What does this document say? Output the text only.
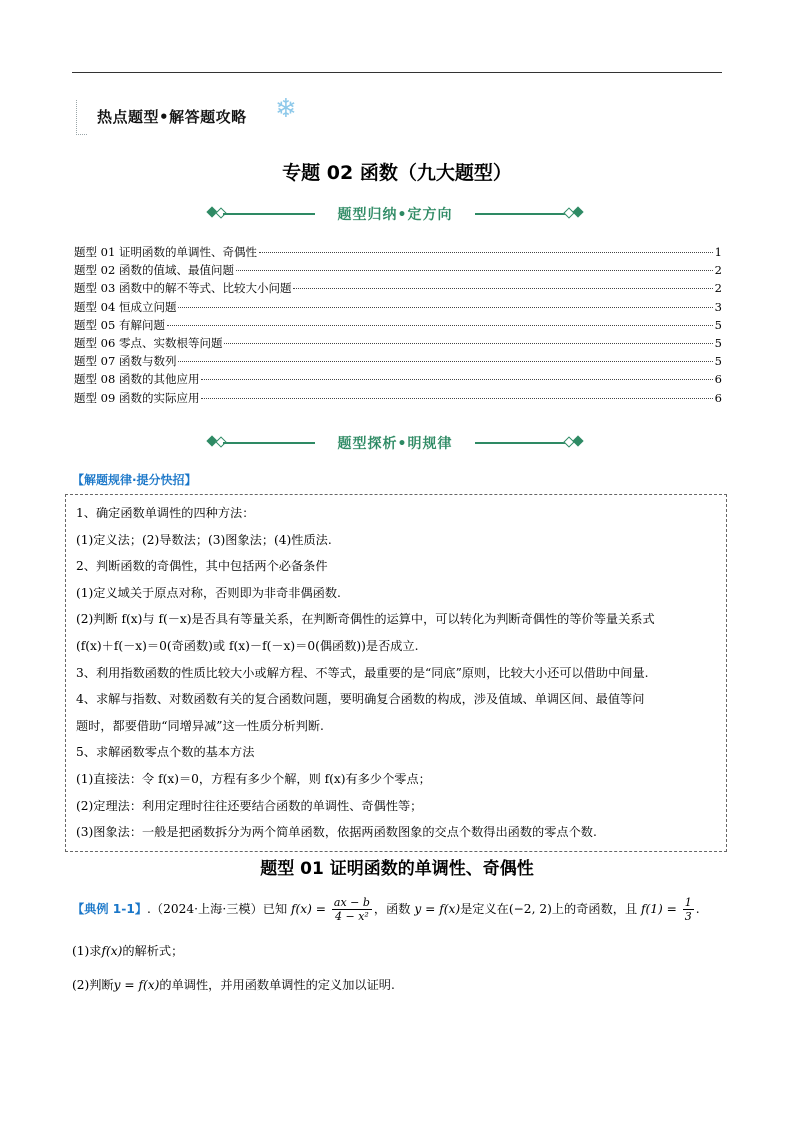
热点题型•解答题攻略 ❄
专题 02 函数（九大题型）
题型归纳•定方向
题型 01 证明函数的单调性、奇偶性	1
题型 02 函数的值域、最值问题	2
题型 03 函数中的解不等式、比较大小问题	2
题型 04 恒成立问题	3
题型 05 有解问题	5
题型 06 零点、实数根等问题	5
题型 07 函数与数列	5
题型 08 函数的其他应用	6
题型 09 函数的实际应用	6
题型探析•明规律
【解题规律·提分快招】
1、确定函数单调性的四种方法：
(1)定义法；(2)导数法；(3)图象法；(4)性质法.
2、判断函数的奇偶性，其中包括两个必备条件
(1)定义域关于原点对称，否则即为非奇非偶函数.
(2)判断 f(x)与 f(－x)是否具有等量关系，在判断奇偶性的运算中，可以转化为判断奇偶性的等价等量关系式
(f(x)＋f(－x)＝0(奇函数)或 f(x)－f(－x)＝0(偶函数))是否成立.
3、利用指数函数的性质比较大小或解方程、不等式，最重要的是“同底”原则，比较大小还可以借助中间量.
4、求解与指数、对数函数有关的复合函数问题，要明确复合函数的构成，涉及值域、单调区间、最值等问
题时，都要借助“同增异减”这一性质分析判断.
5、求解函数零点个数的基本方法
(1)直接法：令 f(x)＝0，方程有多少个解，则 f(x)有多少个零点；
(2)定理法：利用定理时往往还要结合函数的单调性、奇偶性等；
(3)图象法：一般是把函数拆分为两个简单函数，依据两函数图象的交点个数得出函数的零点个数.
题型 01 证明函数的单调性、奇偶性
【典例 1-1】.（2024·上海·三模）已知 $f(x) = \frac{ax - b}{\text{4 − x²}}$ ，函数 y = f(x)是定义在(−2, 2)上的奇函数，且 $f(1) = \frac{1}{3}$ .
(1)求f(x)的解析式；
(2)判断y = f(x)的单调性，并用函数单调性的定义加以证明.
